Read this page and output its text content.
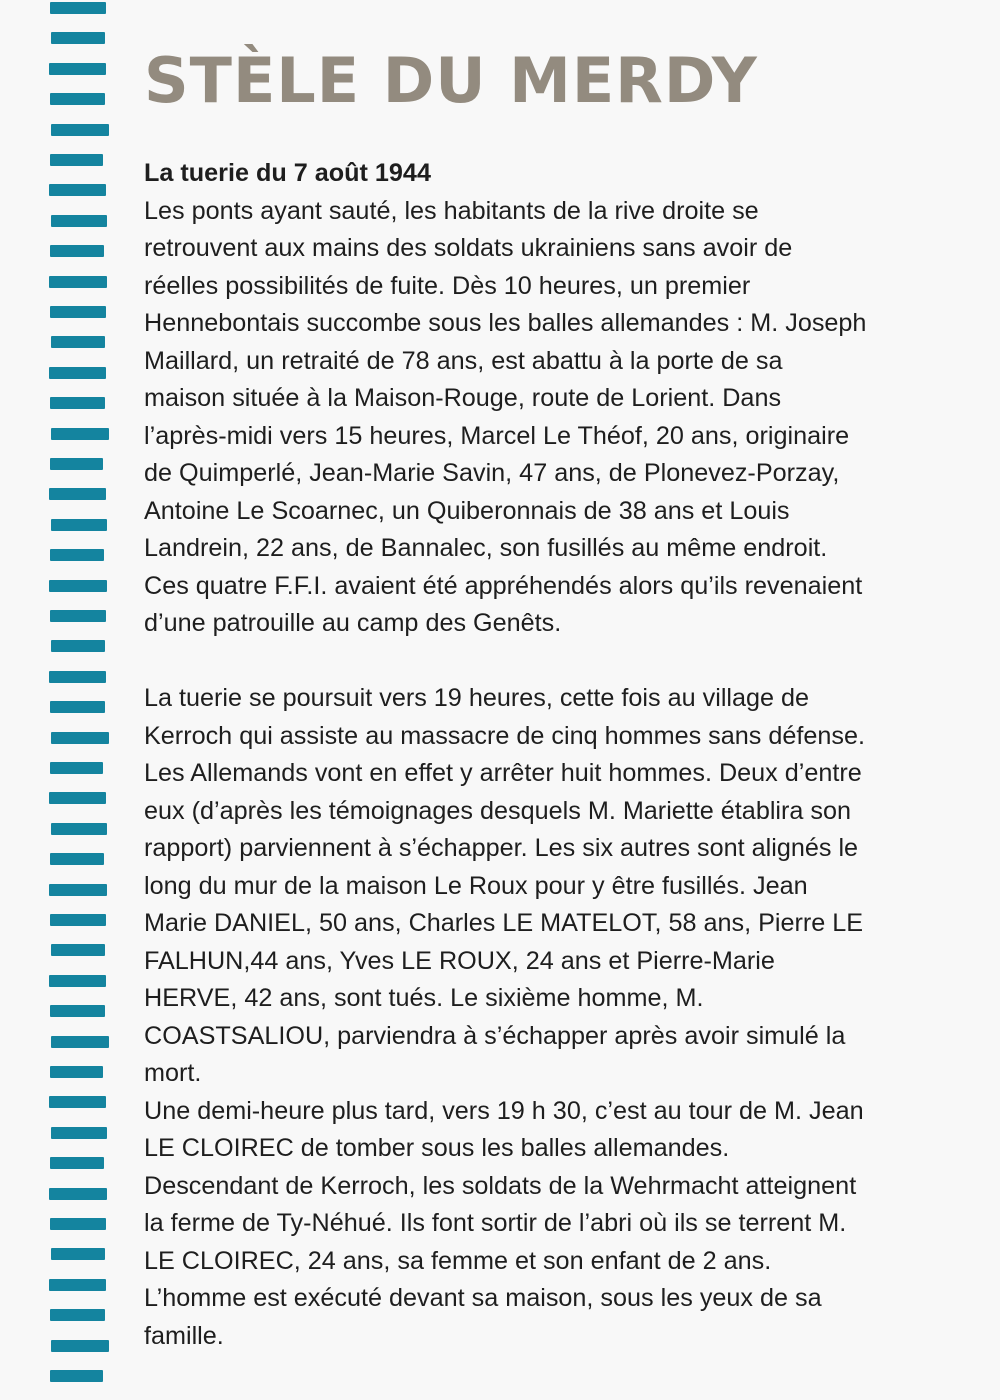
STÈLE DU MERDY

La tuerie du 7 août 1944

Les ponts ayant sauté, les habitants de la rive droite se

retrouvent aux mains des soldats ukrainiens sans avoir de

réelles possibilités de fuite. Dès 10 heures, un premier

Hennebontais succombe sous les balles allemandes : M. Joseph

Maillard, un retraité de 78 ans, est abattu à la porte de sa

maison située à la Maison-Rouge, route de Lorient. Dans

l’après-midi vers 15 heures, Marcel Le Théof, 20 ans, originaire

de Quimperlé, Jean-Marie Savin, 47 ans, de Plonevez-Porzay,

Antoine Le Scoarnec, un Quiberonnais de 38 ans et Louis

Landrein, 22 ans, de Bannalec, son fusillés au même endroit.

Ces quatre F.F.I. avaient été appréhendés alors qu’ils revenaient

d’une patrouille au camp des Genêts.

La tuerie se poursuit vers 19 heures, cette fois au village de

Kerroch qui assiste au massacre de cinq hommes sans défense.

Les Allemands vont en effet y arrêter huit hommes. Deux d’entre

eux (d’après les témoignages desquels M. Mariette établira son

rapport) parviennent à s’échapper. Les six autres sont alignés le

long du mur de la maison Le Roux pour y être fusillés. Jean

Marie DANIEL, 50 ans, Charles LE MATELOT, 58 ans, Pierre LE

FALHUN,44 ans, Yves LE ROUX, 24 ans et Pierre-Marie

HERVE, 42 ans, sont tués. Le sixième homme, M.

COASTSALIOU, parviendra à s’échapper après avoir simulé la

mort.

Une demi-heure plus tard, vers 19 h 30, c’est au tour de M. Jean

LE CLOIREC de tomber sous les balles allemandes.

Descendant de Kerroch, les soldats de la Wehrmacht atteignent

la ferme de Ty-Néhué. Ils font sortir de l’abri où ils se terrent M.

LE CLOIREC, 24 ans, sa femme et son enfant de 2 ans.

L’homme est exécuté devant sa maison, sous les yeux de sa

famille.
